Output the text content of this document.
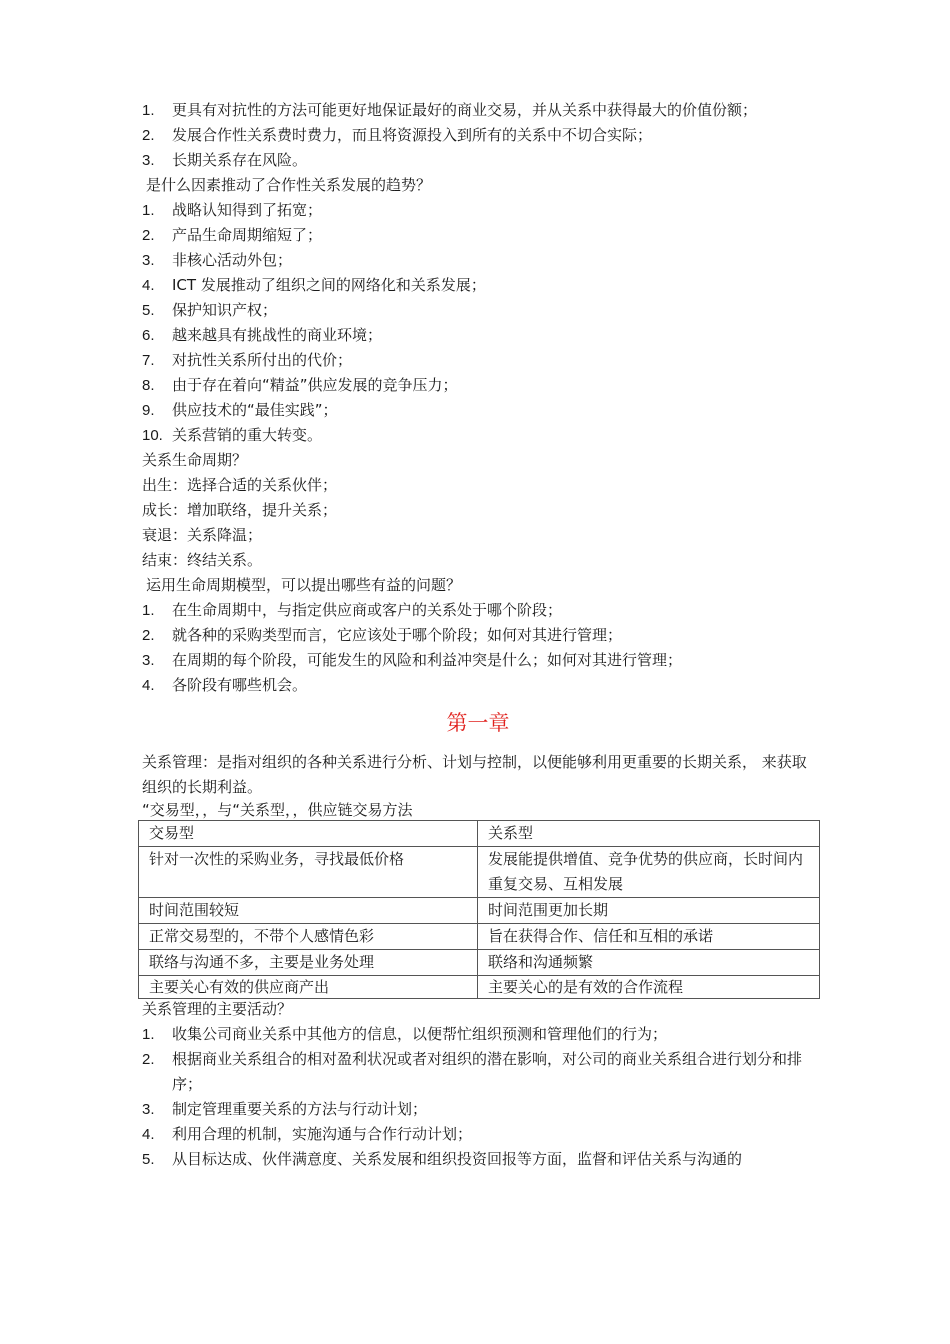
1. 更具有对抗性的方法可能更好地保证最好的商业交易，并从关系中获得最大的价值份额；
2.	发展合作性关系费时费力，而且将资源投入到所有的关系中不切合实际；
3.	长期关系存在风险。
是什么因素推动了合作性关系发展的趋势？
1.	战略认知得到了拓宽；
2.	产品生命周期缩短了；
3.	非核心活动外包；
4.	ICT 发展推动了组织之间的网络化和关系发展；
5.	保护知识产权；
6.	越来越具有挑战性的商业环境；
7.	对抗性关系所付出的代价；
8.	由于存在着向“精益”供应发展的竞争压力；
9.	供应技术的“最佳实践”；
10. 关系营销的重大转变。
关系生命周期？
出生：选择合适的关系伙伴；
成长：增加联络，提升关系；
衰退：关系降温；
结束：终结关系。
运用生命周期模型，可以提出哪些有益的问题？
1.	在生命周期中，与指定供应商或客户的关系处于哪个阶段；
2.	就各种的采购类型而言，它应该处于哪个阶段；如何对其进行管理；
3.	在周期的每个阶段，可能发生的风险和利益冲突是什么；如何对其进行管理；
4.	各阶段有哪些机会。
第一章
关系管理：是指对组织的各种关系进行分析、计划与控制，以便能够利用更重要的长期关系， 来获取组织的长期利益。
“交易型，，与“关系型，，供应链交易方法
交易型	关系型
针对一次性的采购业务，寻找最低价格	发展能提供增值、竞争优势的供应商，长时间内重复交易、互相发展
时间范围较短	时间范围更加长期
正常交易型的，不带个人感情色彩	旨在获得合作、信任和互相的承诺
联络与沟通不多，主要是业务处理	联络和沟通频繁
主要关心有效的供应商产出	主要关心的是有效的合作流程
关系管理的主要活动？
1.	收集公司商业关系中其他方的信息，以便帮忙组织预测和管理他们的行为；
2.	根据商业关系组合的相对盈利状况或者对组织的潜在影响，对公司的商业关系组合进行划分和排序；
3.	制定管理重要关系的方法与行动计划；
4.	利用合理的机制，实施沟通与合作行动计划；
5.	从目标达成、伙伴满意度、关系发展和组织投资回报等方面，监督和评估关系与沟通的
